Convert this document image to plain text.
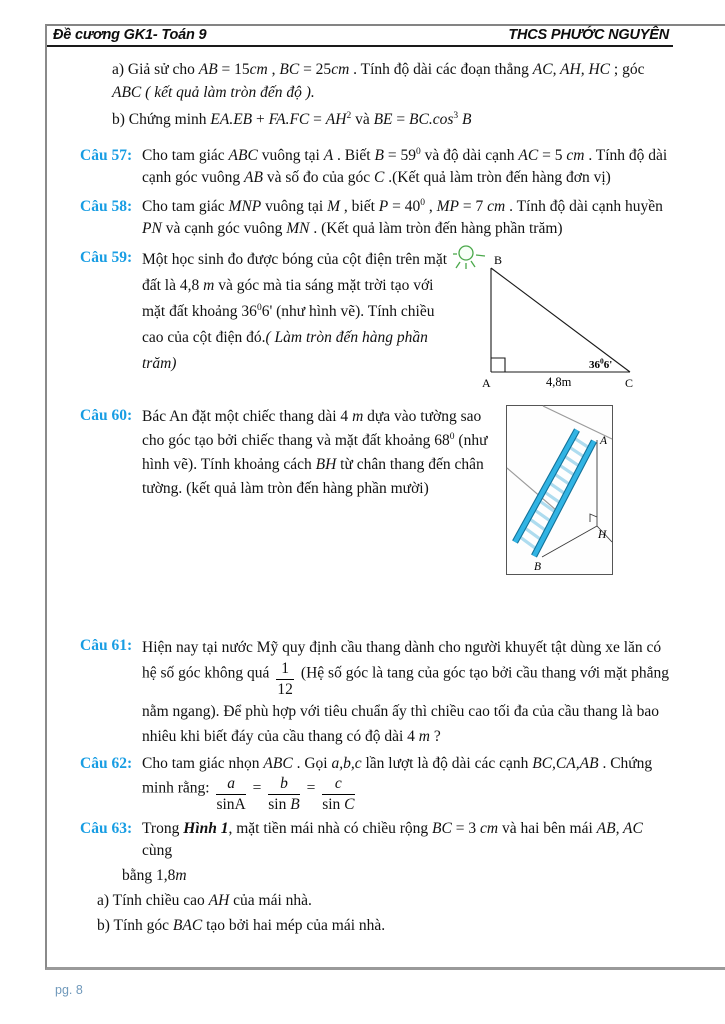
Đề cương GK1- Toán 9	THCS PHƯỚC NGUYÊN

a) Giả sử cho AB = 15cm , BC = 25cm . Tính độ dài các đoạn thẳng AC, AH, HC ; góc ABC ( kết quả làm tròn đến độ ).

b) Chứng minh $EA.EB + FA.FC = AH^2$ và BE = $BC.\cos^3$ B

Câu 57: Cho tam giác ABC vuông tại A . Biết $B = 59^0$ và độ dài cạnh AC = 5 cm . Tính độ dài cạnh góc vuông AB và số đo của góc C .(Kết quả làm tròn đến hàng đơn vị)
Câu 58: Cho tam giác MNP vuông tại M , biết $P = 40^0$ , MP = 7 cm . Tính độ dài cạnh huyền PN và cạnh góc vuông MN . (Kết quả làm tròn đến hàng phần trăm)
Câu 59:	B
A	C
4,8m
$36^06'$
Một học sinh đo được bóng của cột điện trên mặt đất là 4,8 m và góc mà tia sáng mặt trời tạo với mặt đất khoảng $36^06'$ (như hình vẽ). Tính chiều cao của cột điện đó.( Làm tròn đến hàng phần trăm)
Câu 60:
A
H
B
Bác An đặt một chiếc thang dài 4 m dựa vào tường sao cho góc tạo bởi chiếc thang và mặt đất khoảng $68^0$ (như hình vẽ). Tính khoảng cách BH từ chân thang đến chân tường. (kết quả làm tròn đến hàng phần mười)
Câu 61: Hiện nay tại nước Mỹ quy định cầu thang dành cho người khuyết tật dùng xe lăn có hệ số góc không quá $\frac{1}{12}$ (Hệ số góc là tang của góc tạo bởi cầu thang với mặt phẳng nằm ngang). Để phù hợp với tiêu chuẩn ấy thì chiều cao tối đa của cầu thang là bao nhiêu khi biết đáy của cầu thang có độ dài 4 m ?
Câu 62: Cho tam giác nhọn ABC . Gọi a,b,c lần lượt là độ dài các cạnh BC,CA,AB . Chứng minh rằng: $\frac{a}{\sin A} = \frac{b}{\text{sin B}} = \frac{c}{\text{sin C}}$
Câu 63: Trong Hình 1, mặt tiền mái nhà có chiều rộng BC = 3 cm và hai bên mái AB, AC cùng

bằng 1,8m

a) Tính chiều cao AH của mái nhà.

b) Tính góc BAC tạo bởi hai mép của mái nhà.

pg. 8
